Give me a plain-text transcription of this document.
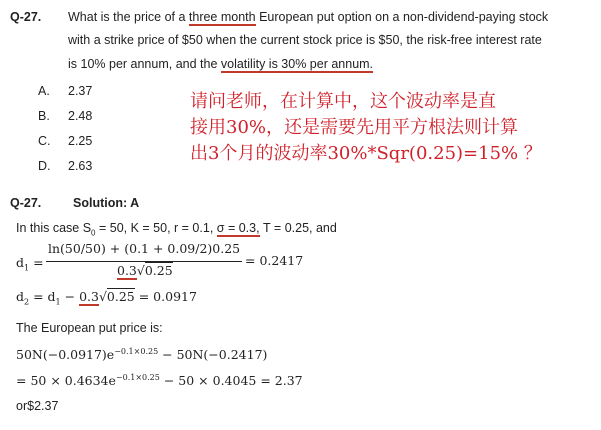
Q-27. What is the price of a three month European put option on a non-dividend-paying stock
with a strike price of $50 when the current stock price is $50, the risk-free interest rate
is 10% per annum, and the volatility is 30% per annum.
A. 2.37
B. 2.48
C. 2.25
D. 2.63
请问老师，在计算中，这个波动率是直
接用30%，还是需要先用平方根法则计算
出3个月的波动率30%*Sqr(0.25)=15% ？
Q-27.	Solution: A
In this case $S_0 = 50$, K = 50, r = 0.1, σ = 0.3, T = 0.25, and
$d_1$ =
ln(50/50) + (0.1 + 0.09/2)0.25
0.3√0.25
= 0.2417
$d_2 = d_1 - 0.3√0.25 = 0.0917$
The European put price is:
$50N(-0.0917)e^{-0.1\times 0.25} - 50N(-0.2417)$
= $50 \times 0.4634e^{-0.1\times 0.25} - 50 \times 0.4045 = 2.37$
or$2.37
